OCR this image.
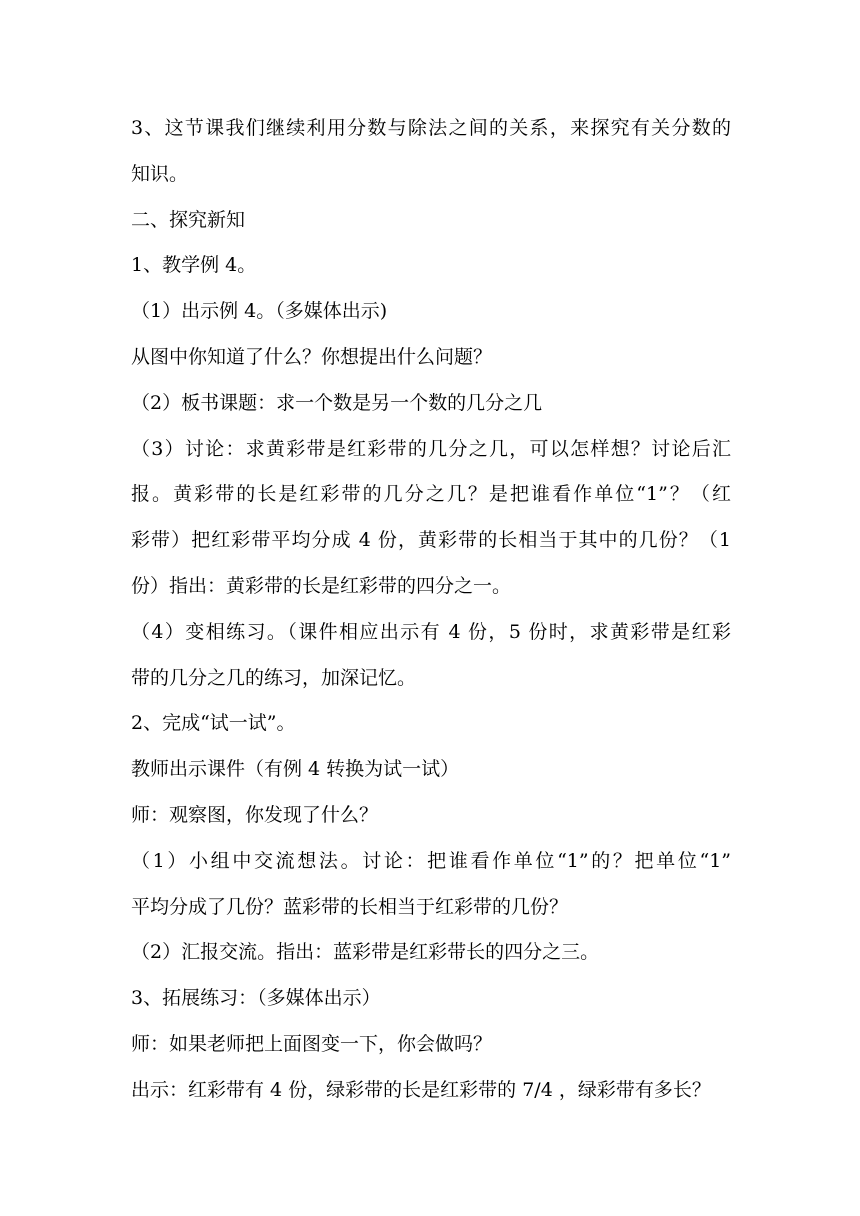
3、这节课我们继续利用分数与除法之间的关系，来探究有关分数的
知识。
二、探究新知
1、教学例 4。
（1）出示例 4。（多媒体出示)
从图中你知道了什么？你想提出什么问题？
（2）板书课题：求一个数是另一个数的几分之几
（3）讨论：求黄彩带是红彩带的几分之几，可以怎样想？讨论后汇
报。黄彩带的长是红彩带的几分之几？是把谁看作单位“1”？（红
彩带）把红彩带平均分成 4 份，黄彩带的长相当于其中的几份？（1
份）指出：黄彩带的长是红彩带的四分之一。
（4）变相练习。（课件相应出示有 4 份，5 份时，求黄彩带是红彩
带的几分之几的练习，加深记忆。
2、完成“试一试”。
教师出示课件（有例 4 转换为试一试）
师：观察图，你发现了什么？
（1）小组中交流想法。讨论：把谁看作单位“1”的？把单位“1”
平均分成了几份？蓝彩带的长相当于红彩带的几份？
（2）汇报交流。指出：蓝彩带是红彩带长的四分之三。
3、拓展练习：（多媒体出示）
师：如果老师把上面图变一下，你会做吗？
出示：红彩带有 4 份，绿彩带的长是红彩带的 7/4 ，绿彩带有多长？
